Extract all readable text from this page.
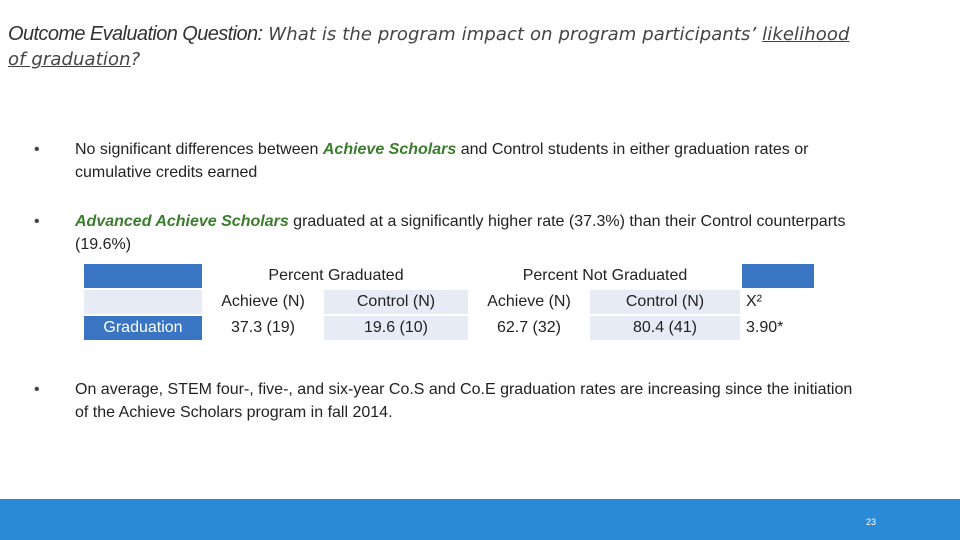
Outcome Evaluation Question: What is the program impact on program participants’ likelihood
of graduation?
• No significant differences between Achieve Scholars and Control students in either graduation rates or cumulative credits earned
• Advanced Achieve Scholars graduated at a significantly higher rate (37.3%) than their Control counterparts (19.6%)
	Percent Graduated		Percent Not Graduated		
	Achieve (N)	Control (N)	Achieve (N)	Control (N)	X²
Graduation	37.3 (19)	19.6 (10)	62.7 (32)	80.4 (41)	3.90*
• On average, STEM four-, five-, and six-year Co.S and Co.E graduation rates are increasing since the initiation of the Achieve Scholars program in fall 2014.
23
